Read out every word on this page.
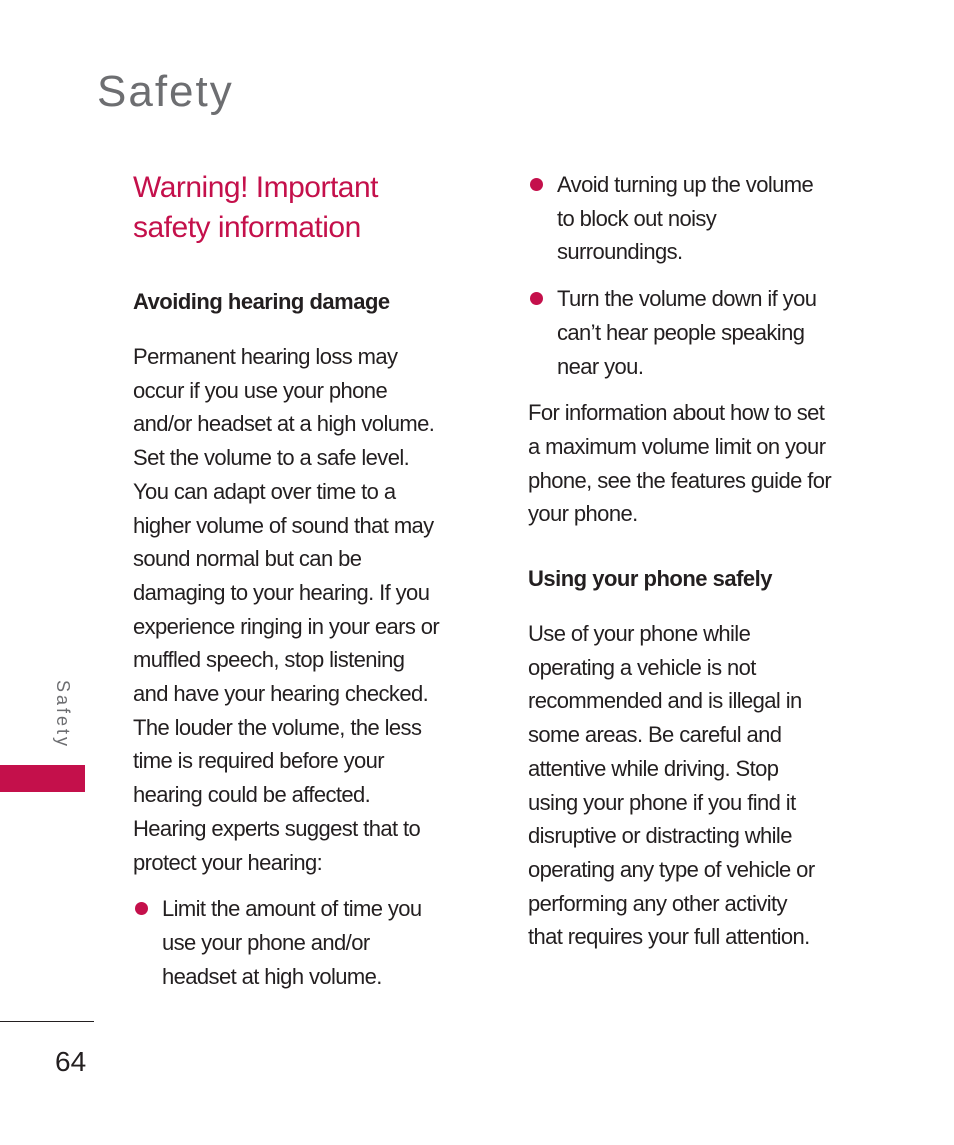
Safety
Safety
64
Warning! Important
safety information
Avoiding hearing damage

Permanent hearing loss may
occur if you use your phone
and/or headset at a high volume.
Set the volume to a safe level.
You can adapt over time to a
higher volume of sound that may
sound normal but can be
damaging to your hearing. If you
experience ringing in your ears or
muffled speech, stop listening
and have your hearing checked.
The louder the volume, the less
time is required before your
hearing could be affected.
Hearing experts suggest that to
protect your hearing:

Limit the amount of time you
use your phone and/or
headset at high volume.
Avoid turning up the volume
to block out noisy
surroundings.
Turn the volume down if you
can’t hear people speaking
near you.

For information about how to set
a maximum volume limit on your
phone, see the features guide for
your phone.

Using your phone safely

Use of your phone while
operating a vehicle is not
recommended and is illegal in
some areas. Be careful and
attentive while driving. Stop
using your phone if you find it
disruptive or distracting while
operating any type of vehicle or
performing any other activity
that requires your full attention.
